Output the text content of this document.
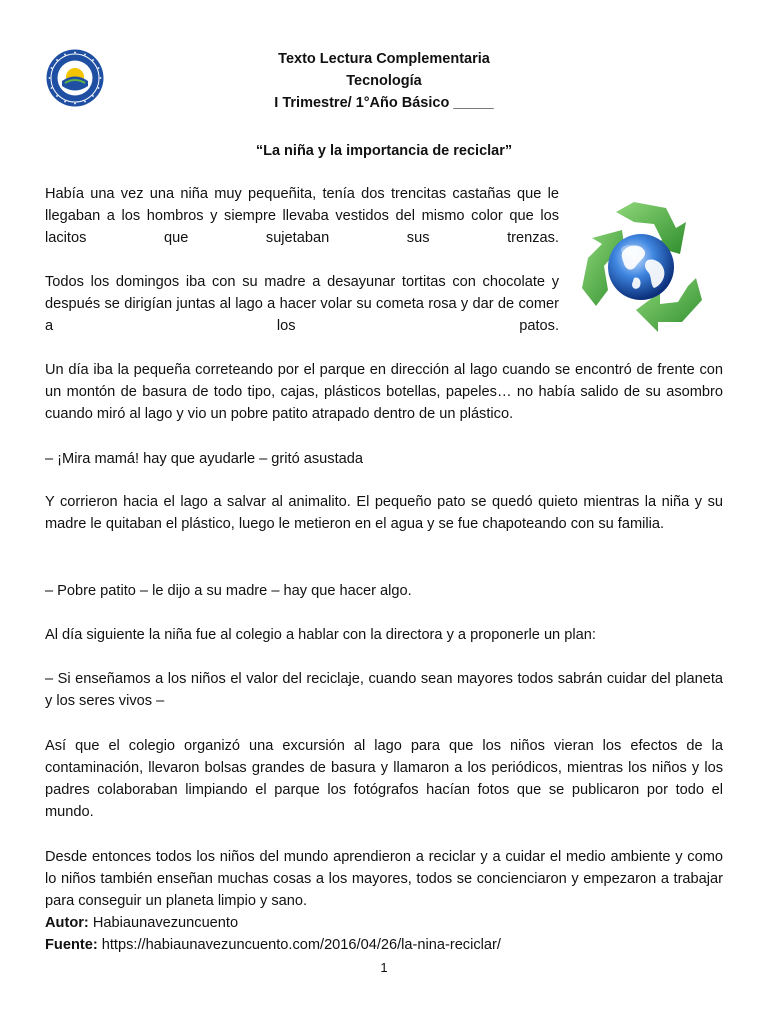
Texto Lectura Complementaria
Tecnología
I Trimestre/ 1°Año Básico _____
“La niña y la importancia de reciclar”

Había una vez una niña muy pequeñita, tenía dos trencitas castañas que le llegaban a los hombros y siempre llevaba vestidos del mismo color que los lacitos que sujetaban sus trenzas.

Todos los domingos iba con su madre a desayunar tortitas con chocolate y después se dirigían juntas al lago a hacer volar su cometa rosa y dar de comer a los patos.

Un día iba la pequeña correteando por el parque en dirección al lago cuando se encontró de frente con un montón de basura de todo tipo, cajas, plásticos botellas, papeles… no había salido de su asombro cuando miró al lago y vio un pobre patito atrapado dentro de un plástico.

– ¡Mira mamá! hay que ayudarle – gritó asustada

Y corrieron hacia el lago a salvar al animalito. El pequeño pato se quedó quieto mientras la niña y su madre le quitaban el plástico, luego le metieron en el agua y se fue chapoteando con su familia.

– Pobre patito – le dijo a su madre – hay que hacer algo.

Al día siguiente la niña fue al colegio a hablar con la directora y a proponerle un plan:

– Si enseñamos a los niños el valor del reciclaje, cuando sean mayores todos sabrán cuidar del planeta y los seres vivos –

Así que el colegio organizó una excursión al lago para que los niños vieran los efectos de la contaminación, llevaron bolsas grandes de basura y llamaron a los periódicos, mientras los niños y los padres colaboraban limpiando el parque los fotógrafos hacían fotos que se publicaron por todo el mundo.

Desde entonces todos los niños del mundo aprendieron a reciclar y a cuidar el medio ambiente y como lo niños también enseñan muchas cosas a los mayores, todos se concienciaron y empezaron a trabajar para conseguir un planeta limpio y sano.

Autor: Habiaunavezuncuento
Fuente: https://habiaunavezuncuento.com/2016/04/26/la-nina-reciclar/
1
